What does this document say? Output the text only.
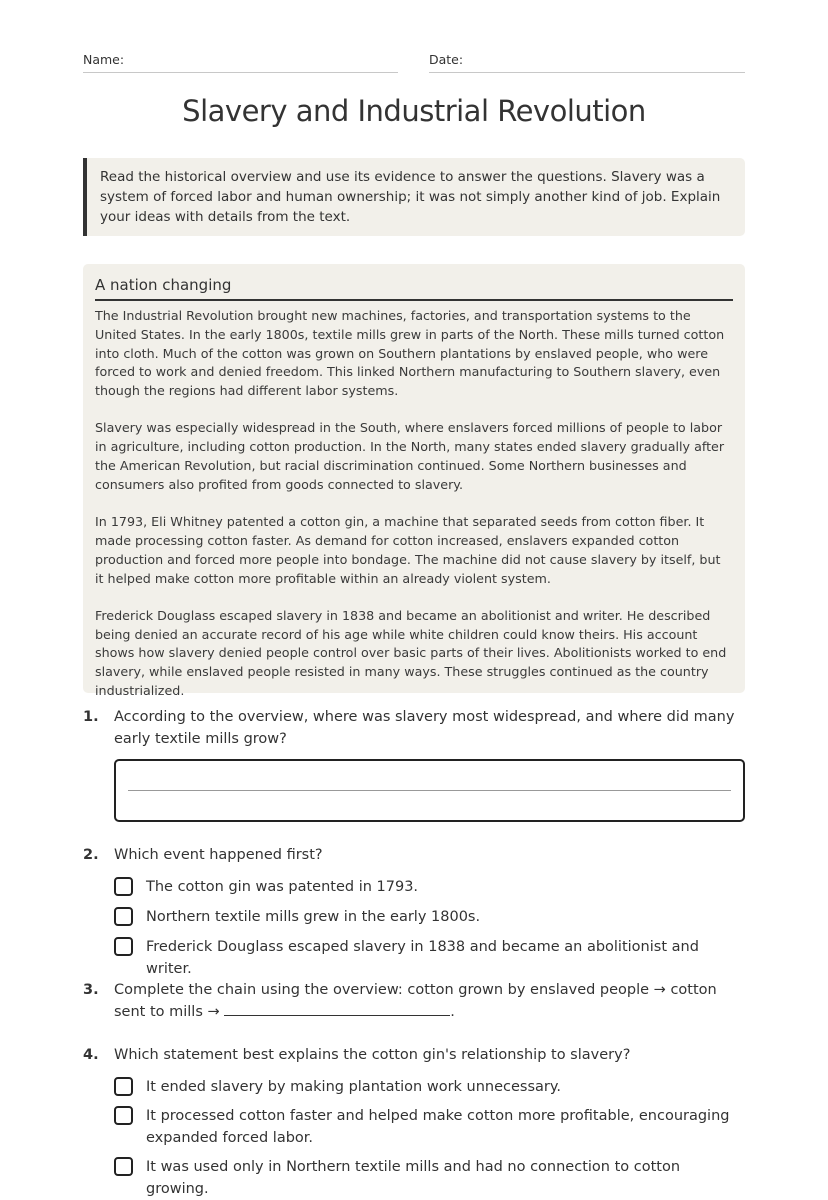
Name:	Date:
Slavery and Industrial Revolution
Read the historical overview and use its evidence to answer the questions. Slavery was a system of forced labor and human ownership; it was not simply another kind of job. Explain your ideas with details from the text.
A nation changing

The Industrial Revolution brought new machines, factories, and transportation systems to the United States. In the early 1800s, textile mills grew in parts of the North. These mills turned cotton into cloth. Much of the cotton was grown on Southern plantations by enslaved people, who were forced to work and denied freedom. This linked Northern manufacturing to Southern slavery, even though the regions had different labor systems.

Slavery was especially widespread in the South, where enslavers forced millions of people to labor in agriculture, including cotton production. In the North, many states ended slavery gradually after the American Revolution, but racial discrimination continued. Some Northern businesses and consumers also profited from goods connected to slavery.

In 1793, Eli Whitney patented a cotton gin, a machine that separated seeds from cotton fiber. It made processing cotton faster. As demand for cotton increased, enslavers expanded cotton production and forced more people into bondage. The machine did not cause slavery by itself, but it helped make cotton more profitable within an already violent system.

Frederick Douglass escaped slavery in 1838 and became an abolitionist and writer. He described being denied an accurate record of his age while white children could know theirs. His account shows how slavery denied people control over basic parts of their lives. Abolitionists worked to end slavery, while enslaved people resisted in many ways. These struggles continued as the country industrialized.

1. According to the overview, where was slavery most widespread, and where did many early textile mills grow?
2. Which event happened first?
The cotton gin was patented in 1793.
Northern textile mills grew in the early 1800s.
Frederick Douglass escaped slavery in 1838 and became an abolitionist and writer.
3. Complete the chain using the overview: cotton grown by enslaved people → cotton sent to mills →	.
4. Which statement best explains the cotton gin's relationship to slavery?
It ended slavery by making plantation work unnecessary.
It processed cotton faster and helped make cotton more profitable, encouraging expanded forced labor.
It was used only in Northern textile mills and had no connection to cotton growing.
